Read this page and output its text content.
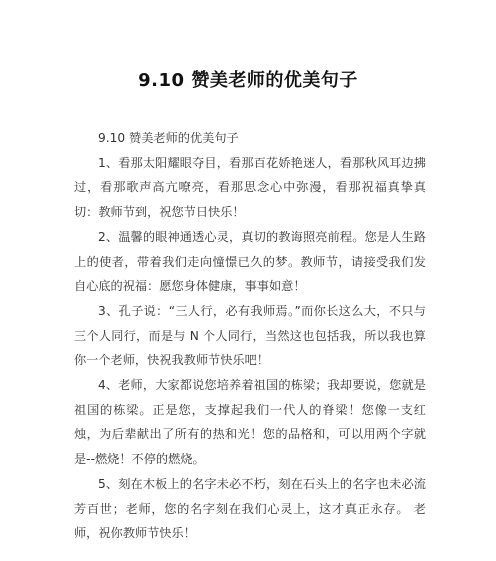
9.10 赞美老师的优美句子

9.10 赞美老师的优美句子

1、看那太阳耀眼夺目，看那百花娇艳迷人，看那秋风耳边拂过，看那歌声高亢嘹亮，看那思念心中弥漫，看那祝福真挚真切：教师节到，祝您节日快乐！

2、温馨的眼神通透心灵，真切的教诲照亮前程。您是人生路上的使者，带着我们走向憧憬已久的梦。教师节，请接受我们发自心底的祝福：愿您身体健康，事事如意！

3、孔子说：“三人行，必有我师焉。”而你长这么大，不只与三个人同行，而是与 N 个人同行，当然这也包括我，所以我也算你一个老师，快祝我教师节快乐吧！

4、老师，大家都说您培养着祖国的栋梁；我却要说，您就是祖国的栋梁。正是您，支撑起我们一代人的脊梁！您像一支红烛，为后辈献出了所有的热和光！您的品格和，可以用两个字就是--燃烧！不停的燃烧。

5、刻在木板上的名字未必不朽，刻在石头上的名字也未必流芳百世；老师，您的名字刻在我们心灵上，这才真正永存。 老师，祝你教师节快乐！
